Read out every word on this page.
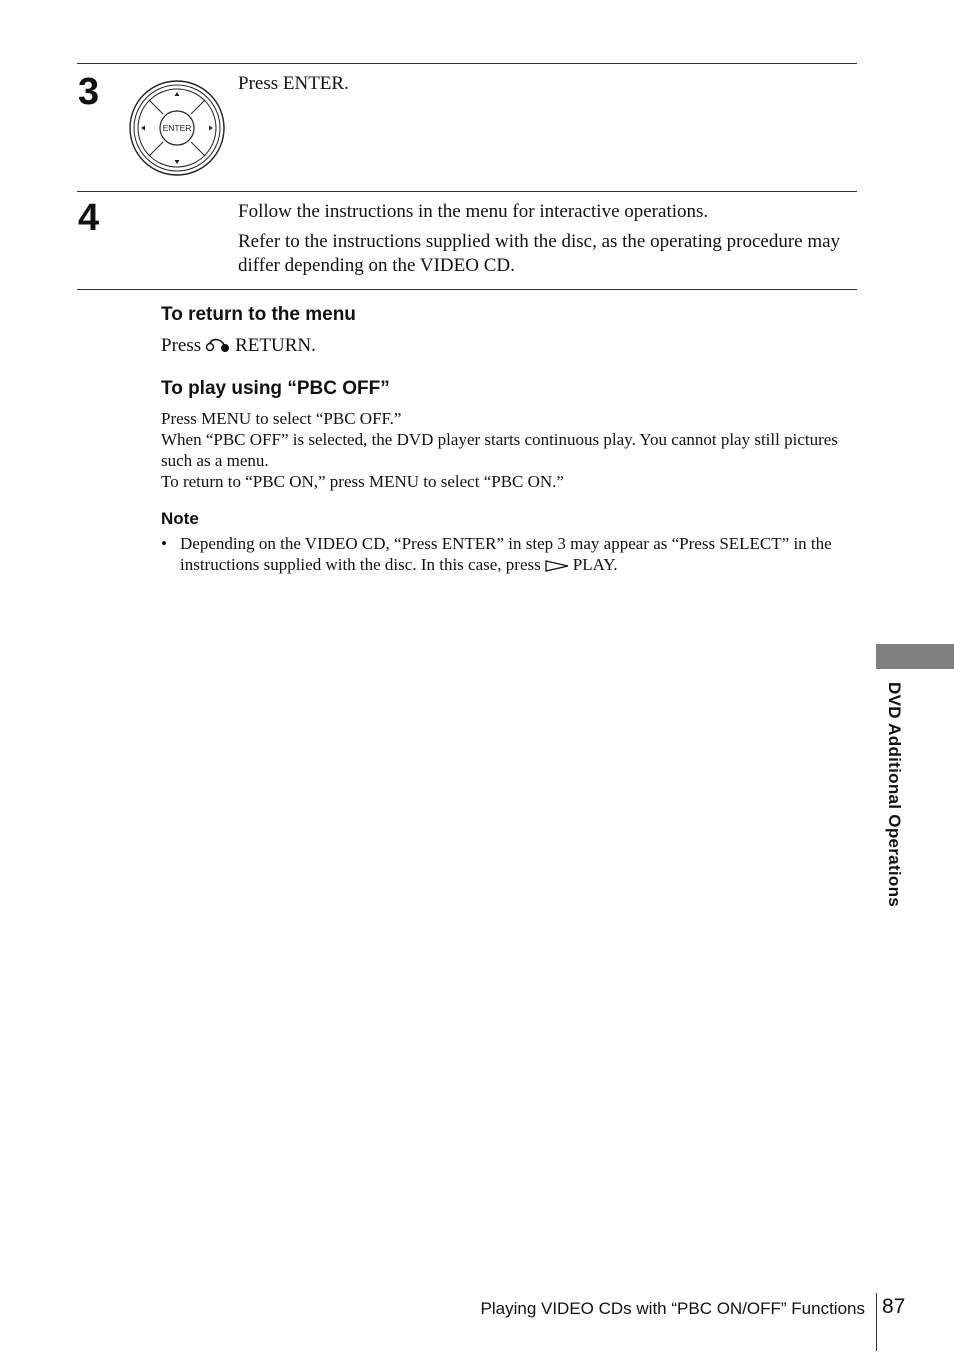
3
ENTER

Press ENTER.

4	Follow the instructions in the menu for interactive operations.

Refer to the instructions supplied with the disc, as the operating procedure may differ depending on the VIDEO CD.

To return to the menu
Press RETURN.
To play using “PBC OFF”

Press MENU to select “PBC OFF.”

When “PBC OFF” is selected, the DVD player starts continuous play. You cannot play still pictures such as a menu.

To return to “PBC ON,” press MENU to select “PBC ON.”

Note
• Depending on the VIDEO CD, “Press ENTER” in step 3 may appear as “Press SELECT” in the instructions supplied with the disc. In this case, press PLAY.
DVD Additional Operations
Playing VIDEO CDs with “PBC ON/OFF” Functions 87
